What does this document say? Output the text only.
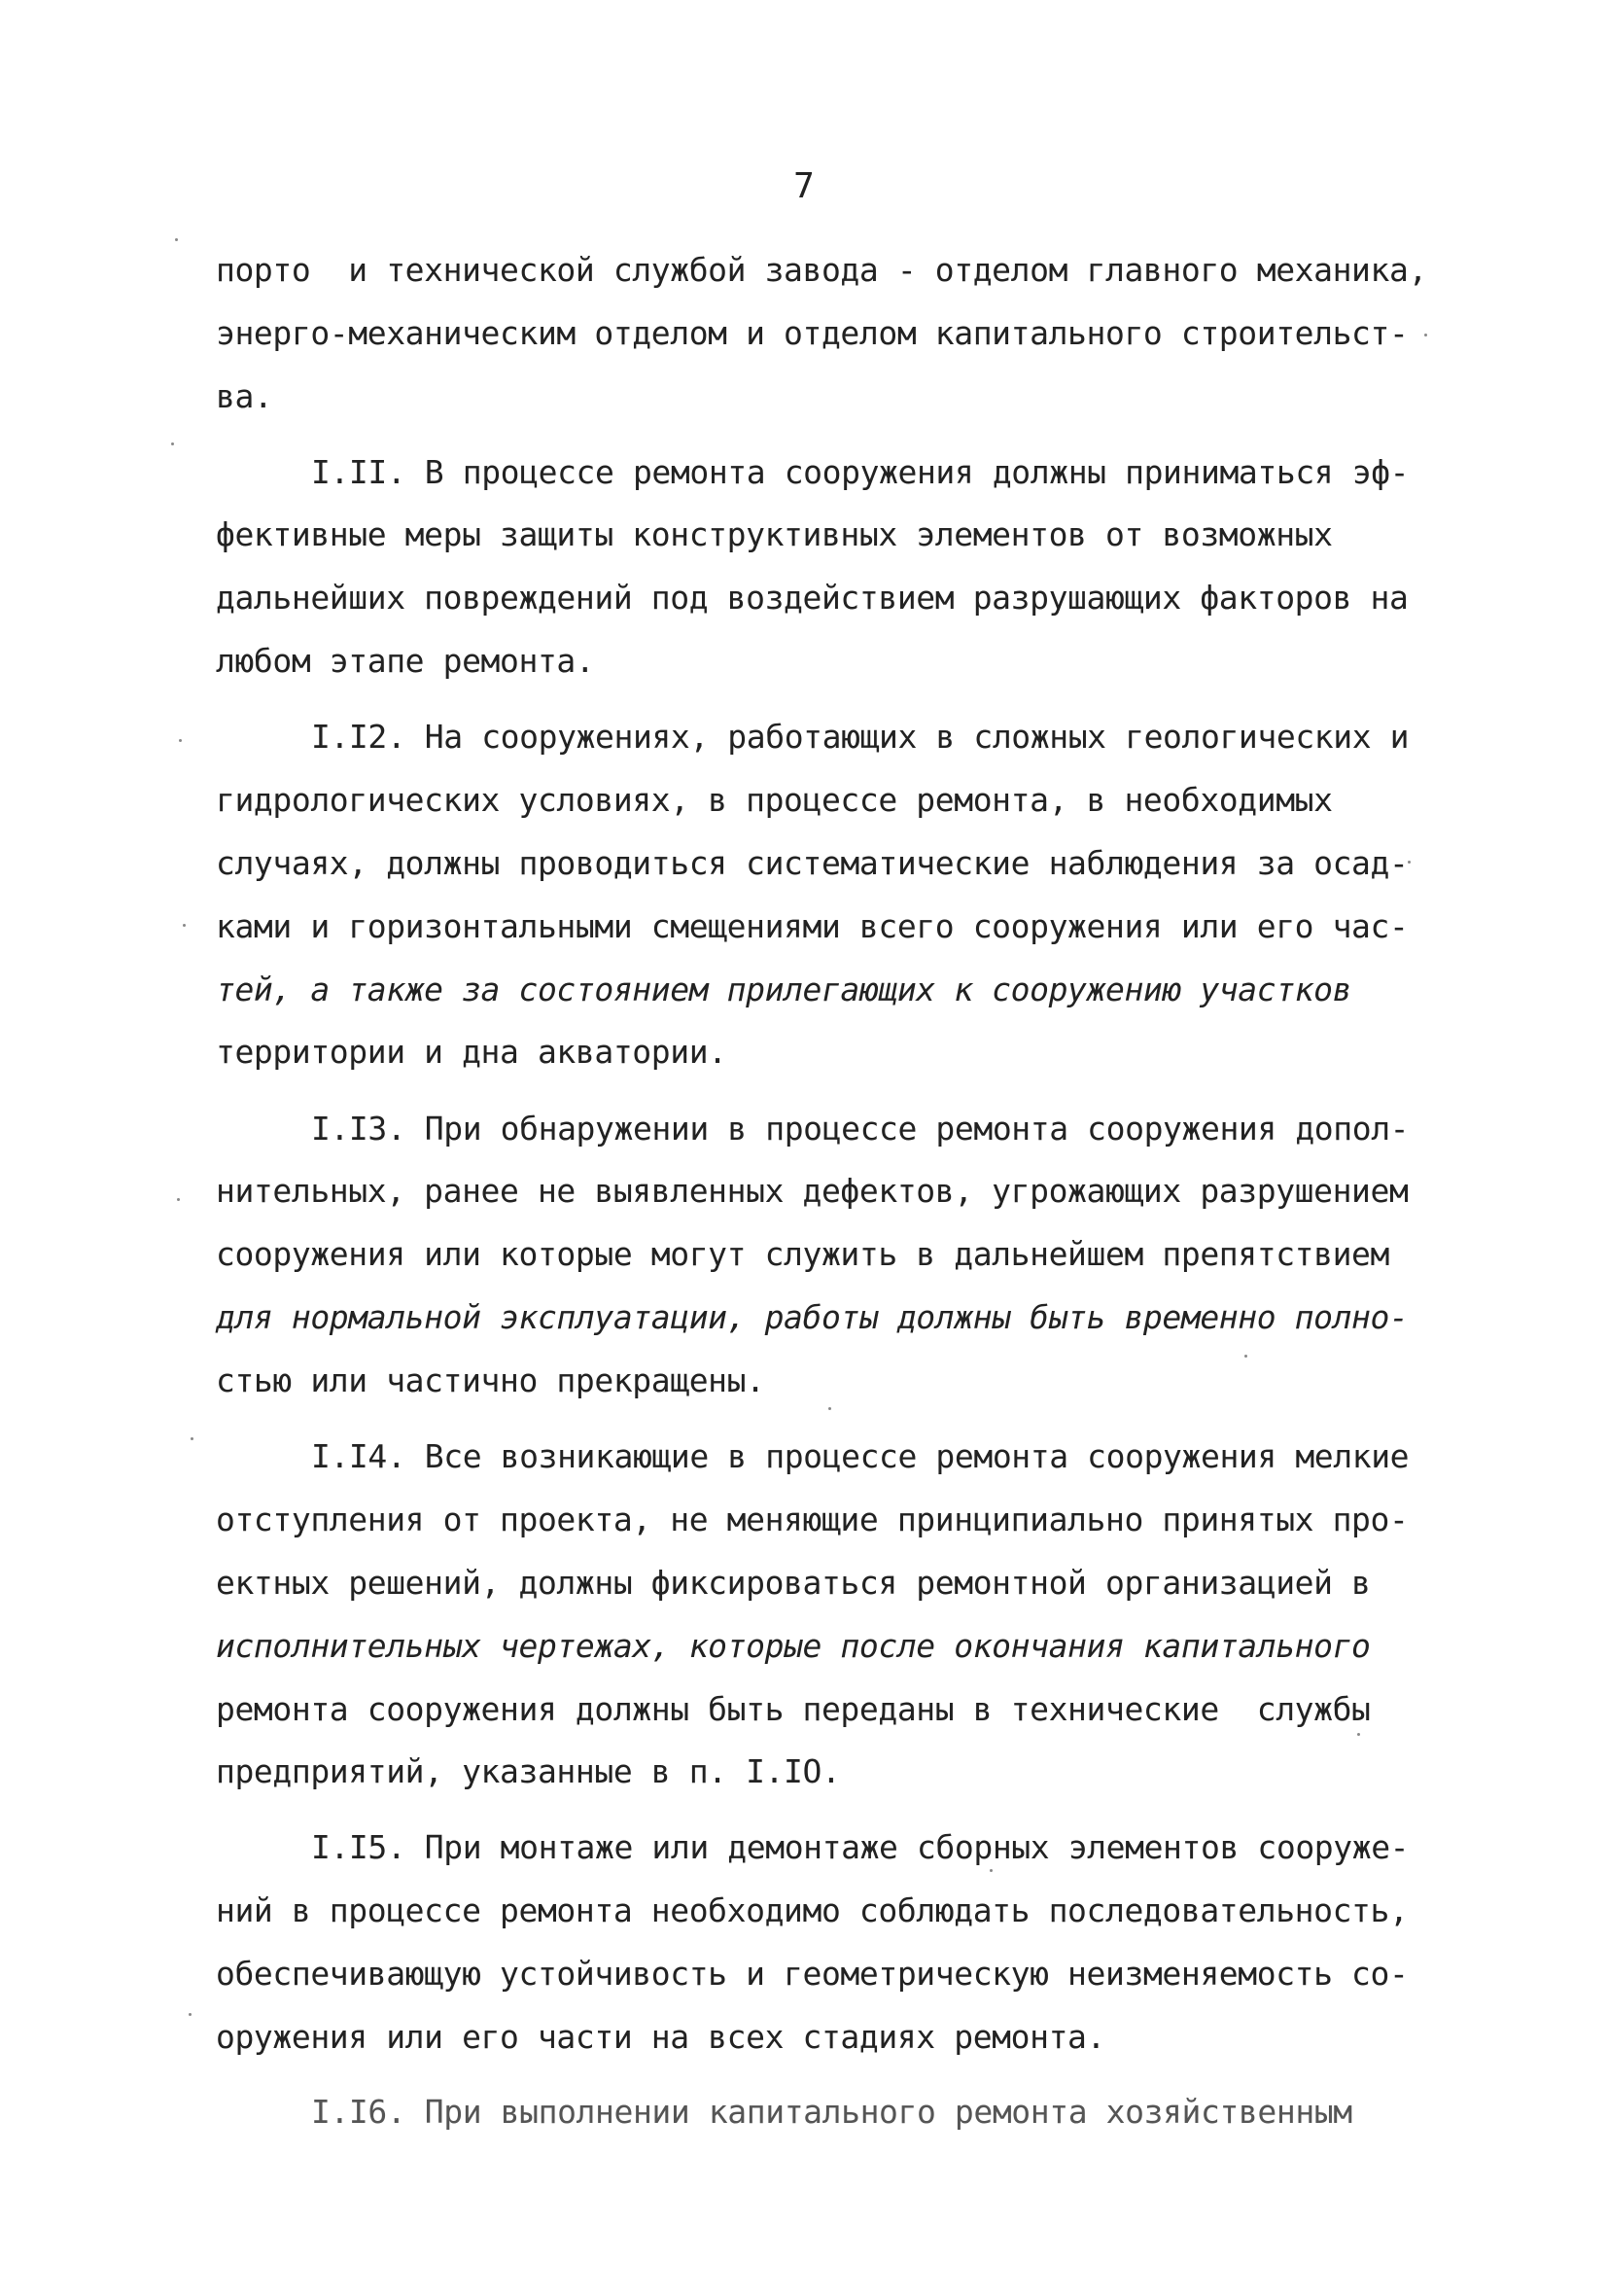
7
порто  и технической службой завода - отделом главного механика,
энерго-механическим отделом и отделом капитального строительст-
ва.
I.II. В процессе ремонта сооружения должны приниматься эф-
фективные меры защиты конструктивных элементов от возможных
дальнейших повреждений под воздействием разрушающих факторов на
любом этапе ремонта.
I.I2. На сооружениях, работающих в сложных геологических и
гидрологических условиях, в процессе ремонта, в необходимых
случаях, должны проводиться систематические наблюдения за осад-
ками и горизонтальными смещениями всего сооружения или его час-
тей, а также за состоянием прилегающих к сооружению участков
территории и дна акватории.
I.I3. При обнаружении в процессе ремонта сооружения допол-
нительных, ранее не выявленных дефектов, угрожающих разрушением
сооружения или которые могут служить в дальнейшем препятствием
для нормальной эксплуатации, работы должны быть временно полно-
стью или частично прекращены.
I.I4. Все возникающие в процессе ремонта сооружения мелкие
отступления от проекта, не меняющие принципиально принятых про-
ектных решений, должны фиксироваться ремонтной организацией в
исполнительных чертежах, которые после окончания капитального
ремонта сооружения должны быть переданы в технические  службы
предприятий, указанные в п. I.IO.
I.I5. При монтаже или демонтаже сборных элементов сооруже-
ний в процессе ремонта необходимо соблюдать последовательность,
обеспечивающую устойчивость и геометрическую неизменяемость со-
оружения или его части на всех стадиях ремонта.
I.I6. При выполнении капитального ремонта хозяйственным
